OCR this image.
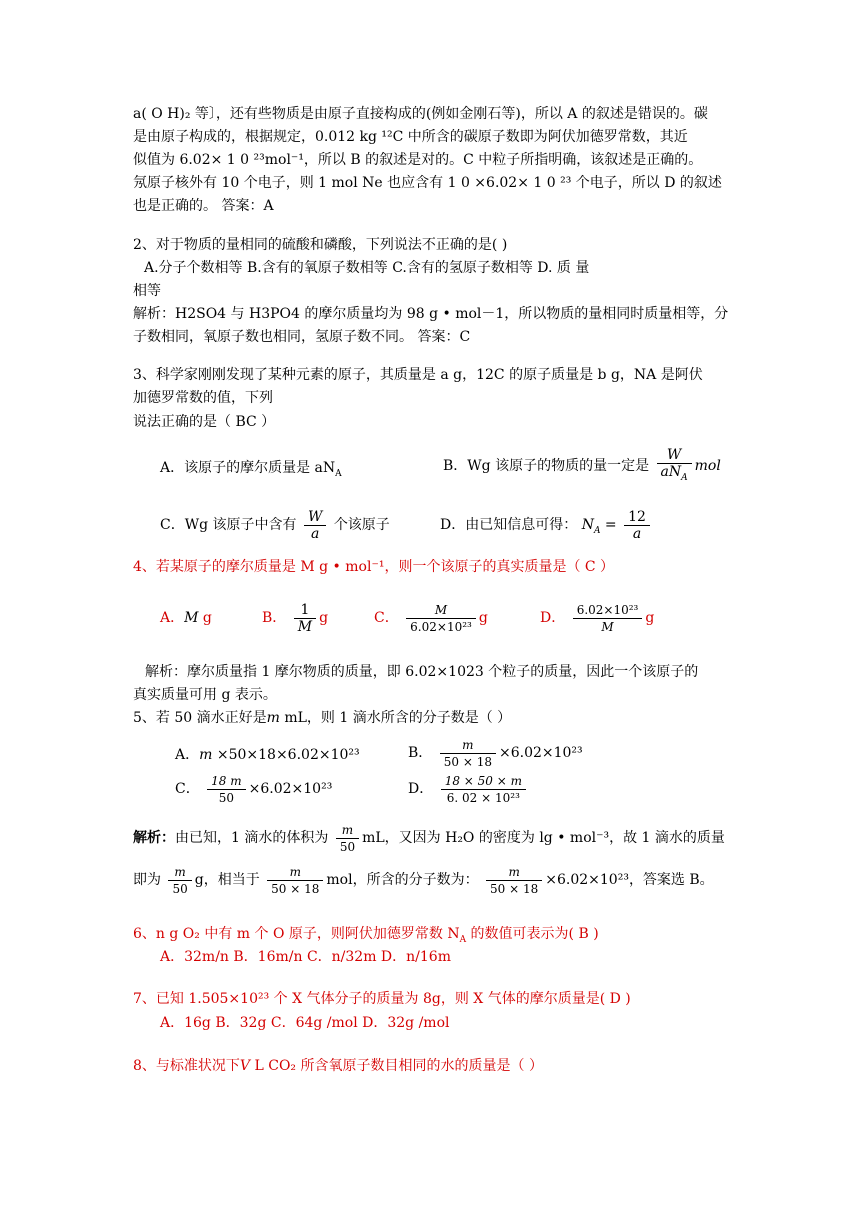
a( O H)₂ 等〕，还有些物质是由原子直接构成的(例如金刚石等)，所以 A 的叙述是错误的。碳
是由原子构成的，根据规定，0.012 kg ¹²C 中所含的碳原子数即为阿伏加德罗常数，其近
似值为 6.02× 1 0 ²³mol⁻¹，所以 B 的叙述是对的。C 中粒子所指明确，该叙述是正确的。
氖原子核外有 10 个电子，则 1 mol Ne 也应含有 1 0 ×6.02× 1 0 ²³ 个电子，所以 D 的叙述
也是正确的。 答案：A
2、对于物质的量相同的硫酸和磷酸，下列说法不正确的是( )
A.分子个数相等 B.含有的氧原子数相等 C.含有的氢原子数相等 D. 质 量
相等
解析：H2SO4 与 H3PO4 的摩尔质量均为 98 g • mol－1，所以物质的量相同时质量相等，分
子数相同，氧原子数也相同，氢原子数不同。 答案：C
3、科学家刚刚发现了某种元素的原子，其质量是 a g，12C 的原子质量是 b g，NA 是阿伏
加德罗常数的值，下列
说法正确的是（ BC ）
A．该原子的摩尔质量是 $aN_A$	B．Wg 该原子的物质的量一定是 $\frac{W}{aN_A}$ mol
C．Wg 该原子中含有 $\frac{W}{a}$ 个该原子	D．由已知信息可得： $N_A = \frac{12}{a}$
4、若某原子的摩尔质量是 M g • mol⁻¹，则一个该原子的真实质量是（ C ）
A．M g	B． $\frac{1}{M}$ g	C． $\frac{M}{\text{6.02×10²³}}$ g	D． $\frac{\text{6.02×10²³}}{M}$ g
解析：摩尔质量指 1 摩尔物质的质量，即 6.02×1023 个粒子的质量，因此一个该原子的
真实质量可用 g 表示。
5、若 50 滴水正好是m mL，则 1 滴水所含的分子数是（ ）
A．m ×50×18×6.02×10²³	B． $\frac{m}{50 \times 18} \times 6.02\times 10^{23}$
C． $\frac{18 m}{50} \times 6.02\times 10^{23}$	D． $\frac{18 \times 50 \times m}{\text{6. 02 × 10²³}}$
解析：由已知，1 滴水的体积为 $\frac{m}{50}$ mL，又因为 H₂O 的密度为 lg • mol⁻³，故 1 滴水的质量
即为 $\frac{m}{50}$ g，相当于 $\frac{m}{50 \times 18}$ mol，所含的分子数为： $\frac{m}{50 \times 18} \times 6.02\times 10^{23}$，答案选 B。
6、n g O₂ 中有 m 个 O 原子，则阿伏加德罗常数 $N_A$ 的数值可表示为( B )
A．32m/n B．16m/n C．n/32m D．n/16m
7、已知 1.505×10²³ 个 X 气体分子的质量为 8g，则 X 气体的摩尔质量是( D )
A．16g B．32g C．64g /mol D．32g /mol
8、与标准状况下V L CO₂ 所含氧原子数目相同的水的质量是（ ）
